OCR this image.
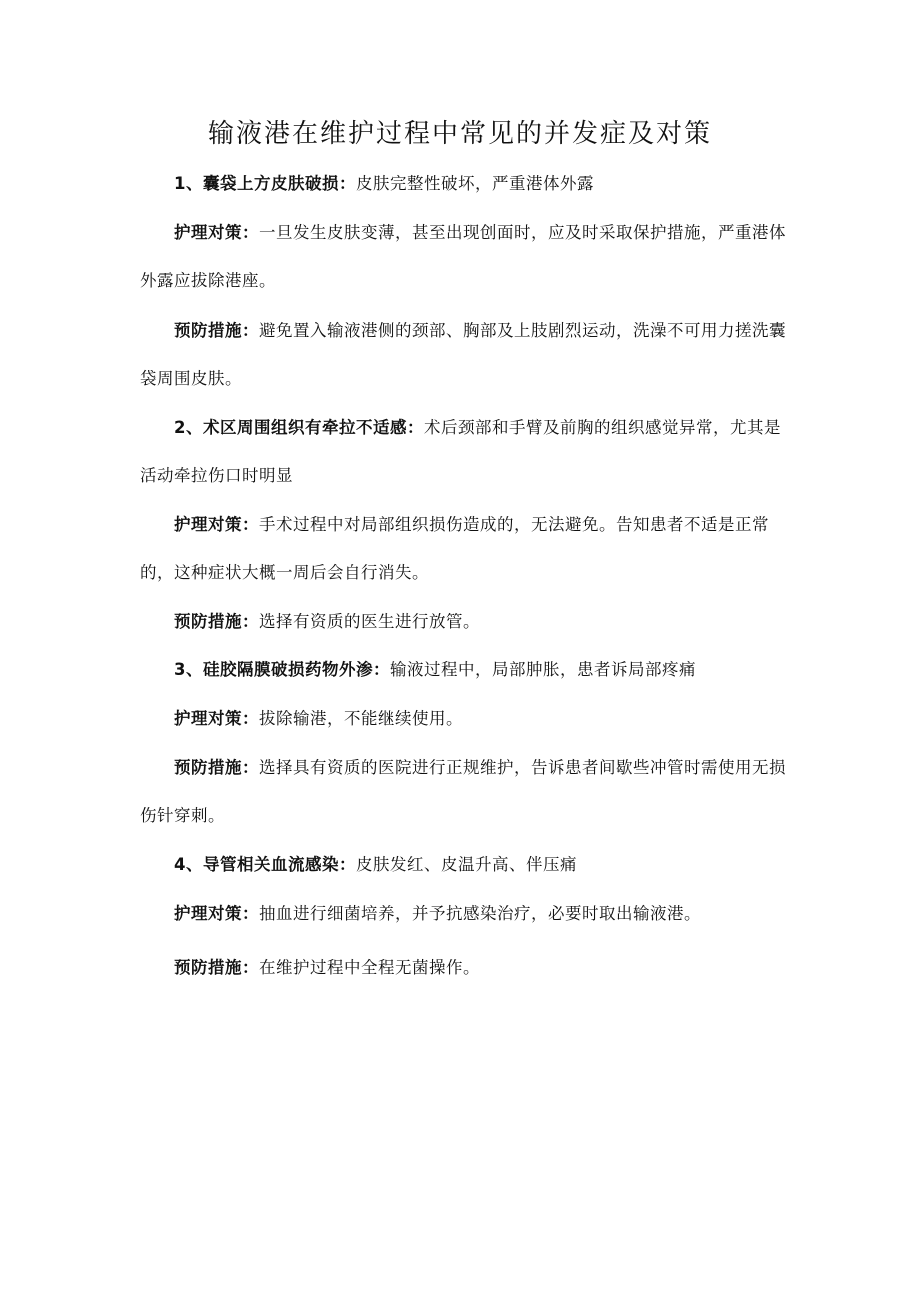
输液港在维护过程中常见的并发症及对策

1、囊袋上方皮肤破损：皮肤完整性破坏，严重港体外露

护理对策：一旦发生皮肤变薄，甚至出现创面时，应及时采取保护措施，严重港体外露应拔除港座。

预防措施：避免置入输液港侧的颈部、胸部及上肢剧烈运动，洗澡不可用力搓洗囊袋周围皮肤。

2、术区周围组织有牵拉不适感：术后颈部和手臂及前胸的组织感觉异常，尤其是活动牵拉伤口时明显

护理对策：手术过程中对局部组织损伤造成的，无法避免。告知患者不适是正常的，这种症状大概一周后会自行消失。

预防措施：选择有资质的医生进行放管。

3、硅胶隔膜破损药物外渗：输液过程中，局部肿胀，患者诉局部疼痛

护理对策：拔除输港，不能继续使用。

预防措施：选择具有资质的医院进行正规维护，告诉患者间歇些冲管时需使用无损伤针穿刺。

4、导管相关血流感染：皮肤发红、皮温升高、伴压痛

护理对策：抽血进行细菌培养，并予抗感染治疗，必要时取出输液港。

预防措施：在维护过程中全程无菌操作。
